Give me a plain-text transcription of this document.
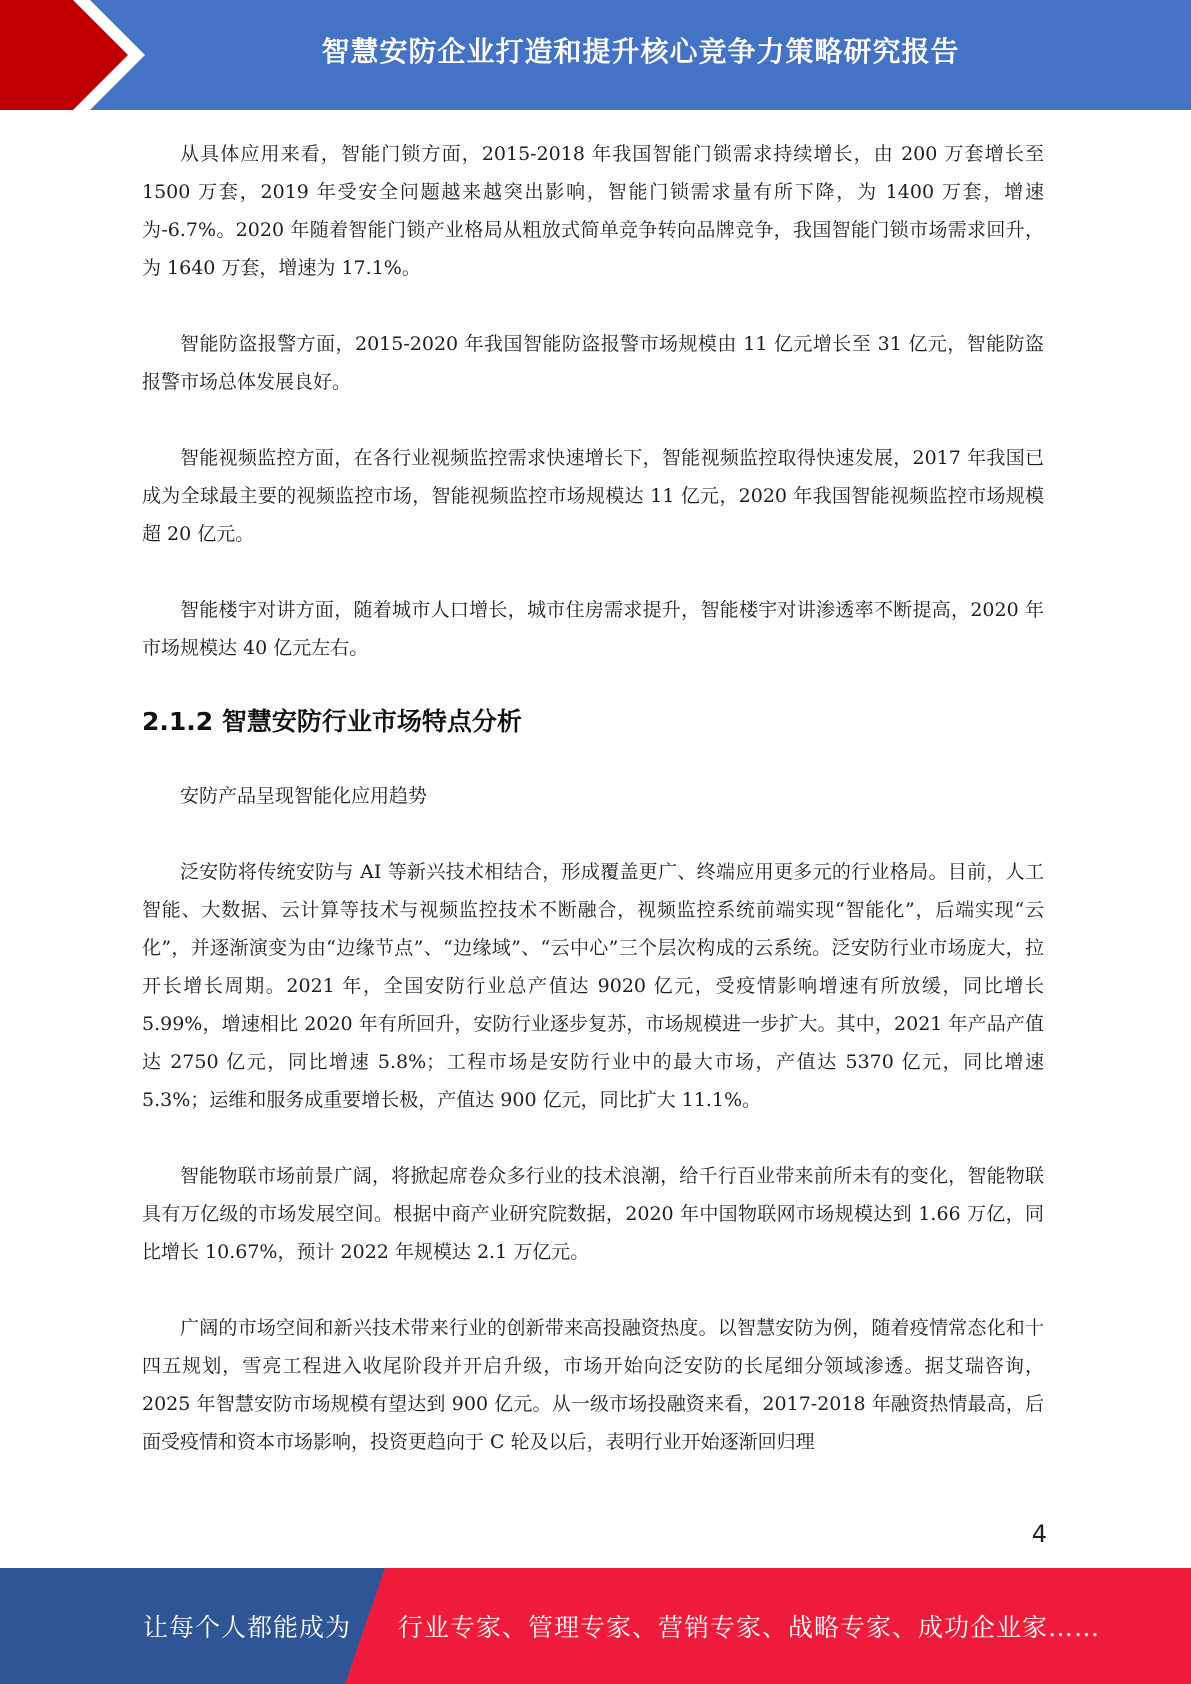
智慧安防企业打造和提升核心竞争力策略研究报告

从具体应用来看，智能门锁方面，2015-2018 年我国智能门锁需求持续增长，由 200 万套增长至 1500 万套，2019 年受安全问题越来越突出影响，智能门锁需求量有所下降，为 1400 万套，增速为-6.7%。2020 年随着智能门锁产业格局从粗放式简单竞争转向品牌竞争，我国智能门锁市场需求回升，为 1640 万套，增速为 17.1%。

智能防盗报警方面，2015-2020 年我国智能防盗报警市场规模由 11 亿元增长至 31 亿元，智能防盗报警市场总体发展良好。

智能视频监控方面，在各行业视频监控需求快速增长下，智能视频监控取得快速发展，2017 年我国已成为全球最主要的视频监控市场，智能视频监控市场规模达 11 亿元，2020 年我国智能视频监控市场规模超 20 亿元。

智能楼宇对讲方面，随着城市人口增长，城市住房需求提升，智能楼宇对讲渗透率不断提高，2020 年市场规模达 40 亿元左右。

2.1.2 智慧安防行业市场特点分析

安防产品呈现智能化应用趋势

泛安防将传统安防与 AI 等新兴技术相结合，形成覆盖更广、终端应用更多元的行业格局。目前，人工智能、大数据、云计算等技术与视频监控技术不断融合，视频监控系统前端实现“智能化”，后端实现“云化”，并逐渐演变为由“边缘节点”、“边缘域”、“云中心”三个层次构成的云系统。泛安防行业市场庞大，拉开长增长周期。2021 年，全国安防行业总产值达 9020 亿元，受疫情影响增速有所放缓，同比增长 5.99%，增速相比 2020 年有所回升，安防行业逐步复苏，市场规模进一步扩大。其中，2021 年产品产值达 2750 亿元，同比增速 5.8%；工程市场是安防行业中的最大市场，产值达 5370 亿元，同比增速 5.3%；运维和服务成重要增长极，产值达 900 亿元，同比扩大 11.1%。

智能物联市场前景广阔，将掀起席卷众多行业的技术浪潮，给千行百业带来前所未有的变化，智能物联具有万亿级的市场发展空间。根据中商产业研究院数据，2020 年中国物联网市场规模达到 1.66 万亿，同比增长 10.67%，预计 2022 年规模达 2.1 万亿元。

广阔的市场空间和新兴技术带来行业的创新带来高投融资热度。以智慧安防为例，随着疫情常态化和十四五规划，雪亮工程进入收尾阶段并开启升级，市场开始向泛安防的长尾细分领域渗透。据艾瑞咨询，2025 年智慧安防市场规模有望达到 900 亿元。从一级市场投融资来看，2017-2018 年融资热情最高，后面受疫情和资本市场影响，投资更趋向于 C 轮及以后，表明行业开始逐渐回归理

4
让每个人都能成为 行业专家、管理专家、营销专家、战略专家、成功企业家……
